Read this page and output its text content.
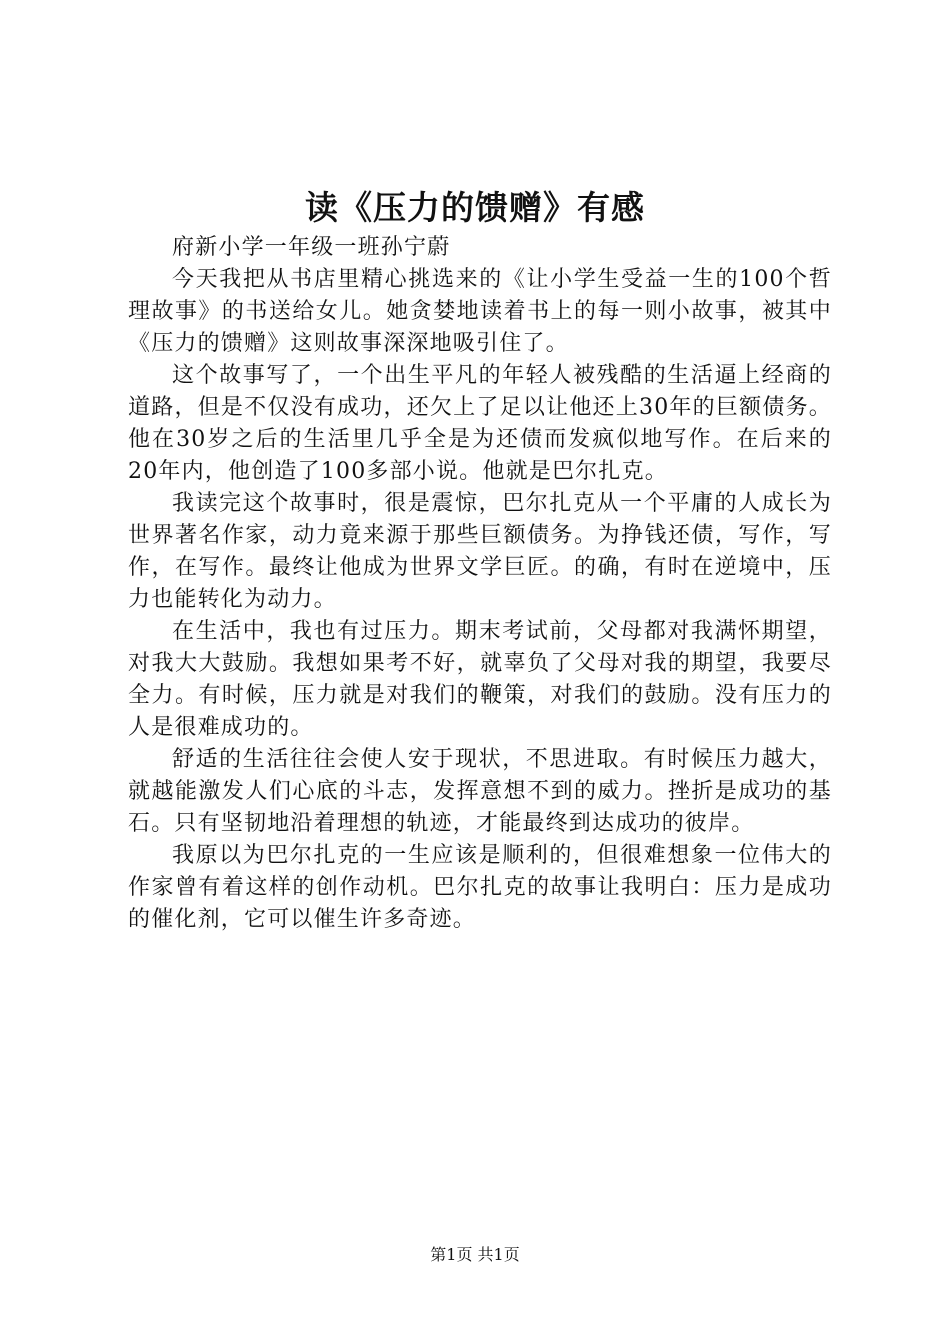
读《压力的馈赠》有感

府新小学一年级一班孙宁蔚

今天我把从书店里精心挑选来的《让小学生受益一生的100个哲理故事》的书送给女儿。她贪婪地读着书上的每一则小故事，被其中《压力的馈赠》这则故事深深地吸引住了。

这个故事写了，一个出生平凡的年轻人被残酷的生活逼上经商的道路，但是不仅没有成功，还欠上了足以让他还上30年的巨额债务。他在30岁之后的生活里几乎全是为还债而发疯似地写作。在后来的20年内，他创造了100多部小说。他就是巴尔扎克。

我读完这个故事时，很是震惊，巴尔扎克从一个平庸的人成长为世界著名作家，动力竟来源于那些巨额债务。为挣钱还债，写作，写作，在写作。最终让他成为世界文学巨匠。的确，有时在逆境中，压力也能转化为动力。

在生活中，我也有过压力。期末考试前，父母都对我满怀期望，对我大大鼓励。我想如果考不好，就辜负了父母对我的期望，我要尽全力。有时候，压力就是对我们的鞭策，对我们的鼓励。没有压力的人是很难成功的。

舒适的生活往往会使人安于现状，不思进取。有时候压力越大，就越能激发人们心底的斗志，发挥意想不到的威力。挫折是成功的基石。只有坚韧地沿着理想的轨迹，才能最终到达成功的彼岸。

我原以为巴尔扎克的一生应该是顺利的，但很难想象一位伟大的作家曾有着这样的创作动机。巴尔扎克的故事让我明白：压力是成功的催化剂，它可以催生许多奇迹。

第1页 共1页
